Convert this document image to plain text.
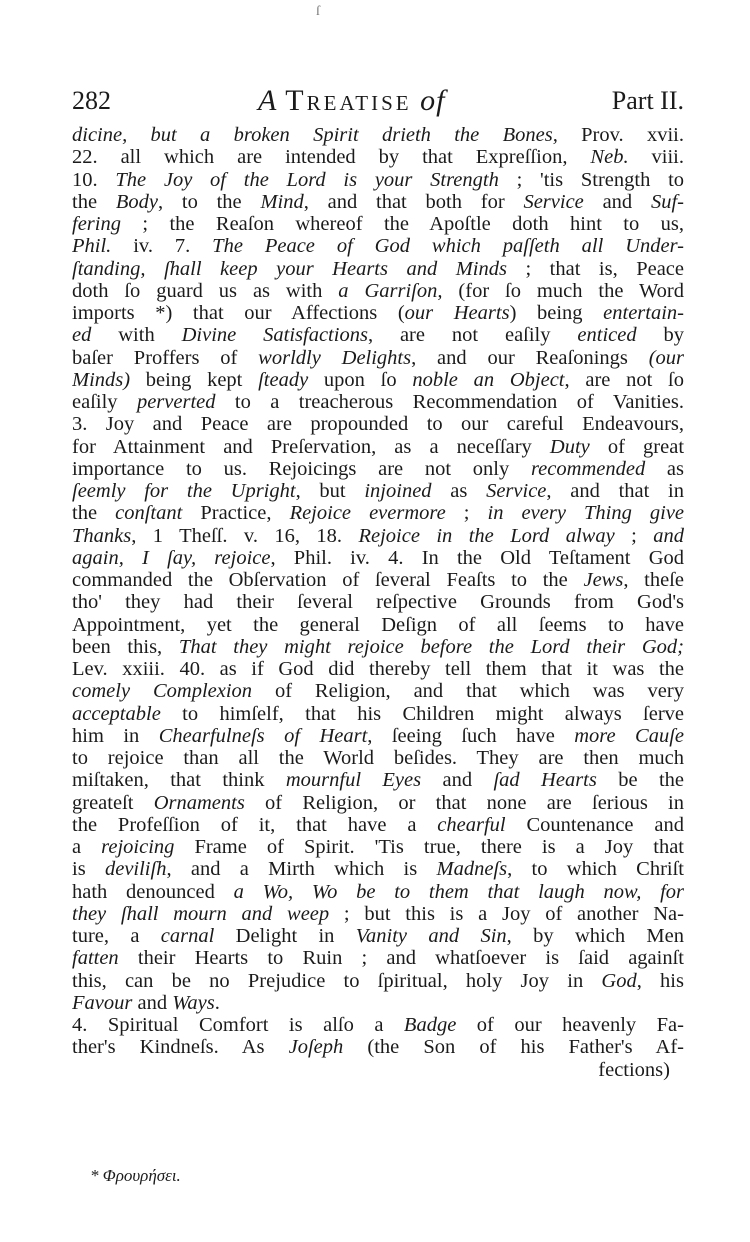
ſ
282	A Treatise of	Part II.
dicine, but a broken Spirit drieth the Bones, Prov. xvii.
22. all which are intended by that Expreſſion, Neb. viii.
10. The Joy of the Lord is your Strength ; 'tis Strength to
the Body, to the Mind, and that both for Service and Suf-
fering ; the Reaſon whereof the Apoſtle doth hint to us,
Phil. iv. 7. The Peace of God which paſſeth all Under-
ſtanding, ſhall keep your Hearts and Minds ; that is, Peace
doth ſo guard us as with a Garriſon, (for ſo much the Word
imports *) that our Affections (our Hearts) being entertain-
ed with Divine Satisfactions, are not eaſily enticed by
baſer Proffers of worldly Delights, and our Reaſonings (our
Minds) being kept ſteady upon ſo noble an Object, are not ſo
eaſily perverted to a treacherous Recommendation of Vanities.
3. Joy and Peace are propounded to our careful Endeavours,
for Attainment and Preſervation, as a neceſſary Duty of great
importance to us. Rejoicings are not only recommended as
ſeemly for the Upright, but injoined as Service, and that in
the conſtant Practice, Rejoice evermore ; in every Thing give
Thanks, 1 Theſſ. v. 16, 18. Rejoice in the Lord alway ; and
again, I ſay, rejoice, Phil. iv. 4. In the Old Teſtament God
commanded the Obſervation of ſeveral Feaſts to the Jews, theſe
tho' they had their ſeveral reſpective Grounds from God's
Appointment, yet the general Deſign of all ſeems to have
been this, That they might rejoice before the Lord their God;
Lev. xxiii. 40. as if God did thereby tell them that it was the
comely Complexion of Religion, and that which was very
acceptable to himſelf, that his Children might always ſerve
him in Chearfulneſs of Heart, ſeeing ſuch have more Cauſe
to rejoice than all the World beſides. They are then much
miſtaken, that think mournful Eyes and ſad Hearts be the
greateſt Ornaments of Religion, or that none are ſerious in
the Profeſſion of it, that have a chearful Countenance and
a rejoicing Frame of Spirit. 'Tis true, there is a Joy that
is deviliſh, and a Mirth which is Madneſs, to which Chriſt
hath denounced a Wo, Wo be to them that laugh now, for
they ſhall mourn and weep ; but this is a Joy of another Na-
ture, a carnal Delight in Vanity and Sin, by which Men
fatten their Hearts to Ruin ; and whatſoever is ſaid againſt
this, can be no Prejudice to ſpiritual, holy Joy in God, his
Favour and Ways.
4. Spiritual Comfort is alſo a Badge of our heavenly Fa-
ther's Kindneſs. As Joſeph (the Son of his Father's Af-
fections)
* Φρουρήσει.
